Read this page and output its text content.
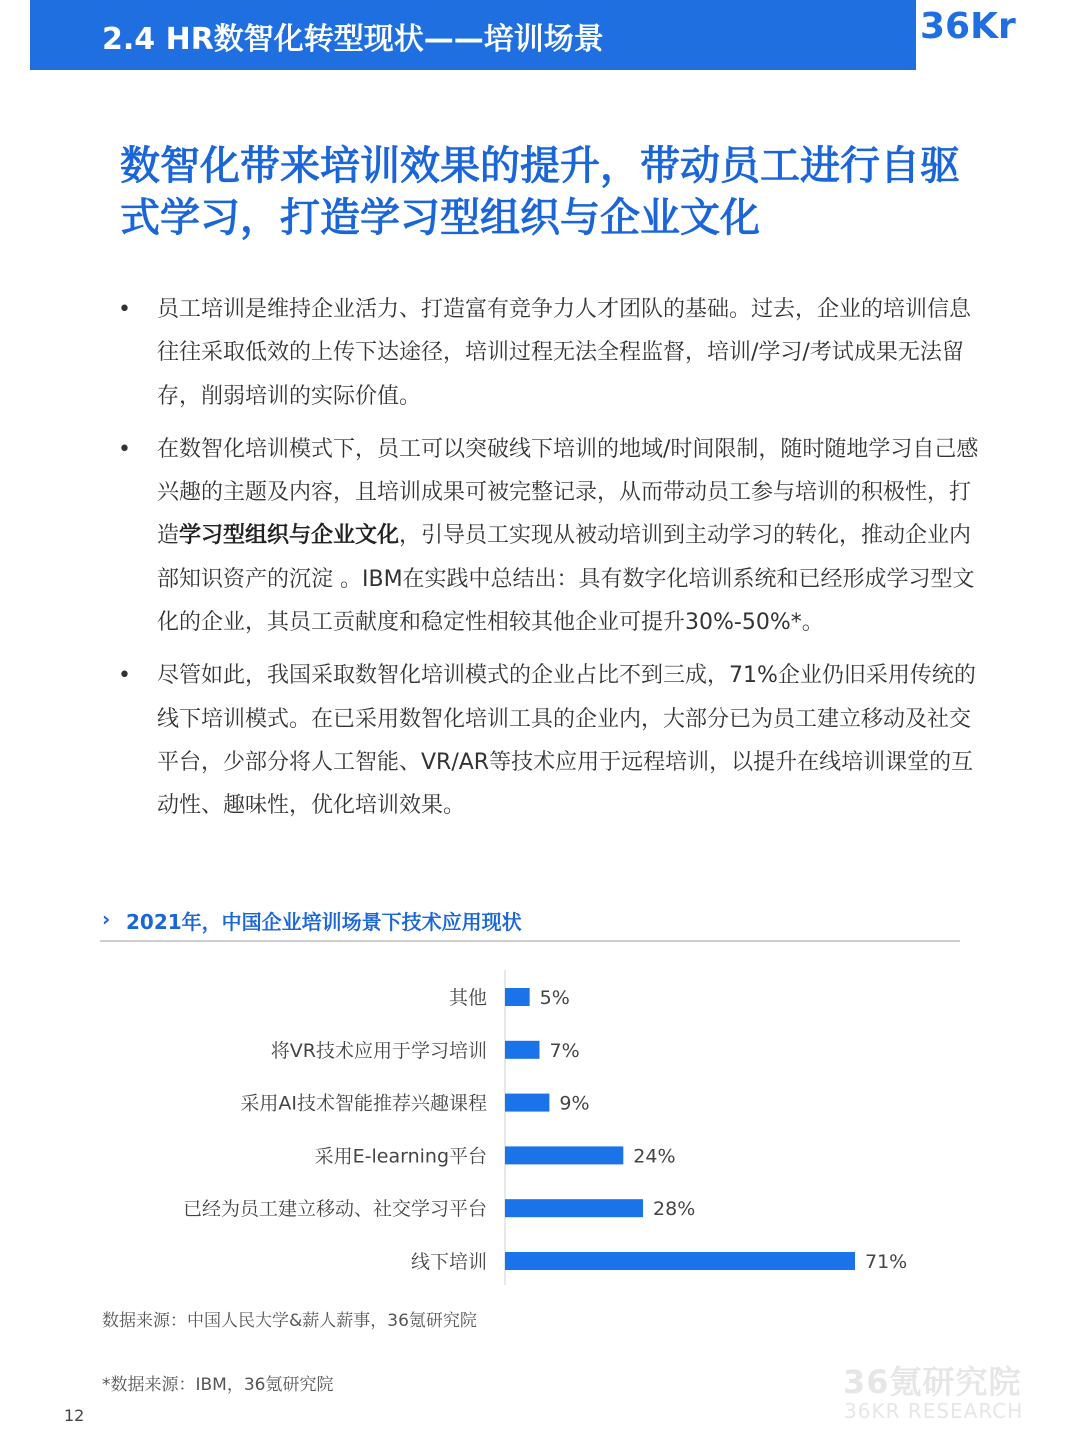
2.4 HR数智化转型现状——培训场景	36Kr
数智化带来培训效果的提升，带动员工进行自驱
式学习，打造学习型组织与企业文化
• 员工培训是维持企业活力、打造富有竞争力人才团队的基础。过去，企业的培训信息往往采取低效的上传下达途径，培训过程无法全程监督，培训/学习/考试成果无法留存，削弱培训的实际价值。
• 在数智化培训模式下，员工可以突破线下培训的地域/时间限制，随时随地学习自己感兴趣的主题及内容，且培训成果可被完整记录，从而带动员工参与培训的积极性，打造学习型组织与企业文化，引导员工实现从被动培训到主动学习的转化，推动企业内部知识资产的沉淀 。IBM在实践中总结出：具有数字化培训系统和已经形成学习型文化的企业，其员工贡献度和稳定性相较其他企业可提升30%-50%*。
• 尽管如此，我国采取数智化培训模式的企业占比不到三成，71%企业仍旧采用传统的线下培训模式。在已采用数智化培训工具的企业内，大部分已为员工建立移动及社交平台，少部分将人工智能、VR/AR等技术应用于远程培训，以提升在线培训课堂的互动性、趣味性，优化培训效果。
› 2021年，中国企业培训场景下技术应用现状
其他	5%
将VR技术应用于学习培训	7%
采用AI技术智能推荐兴趣课程	9%
采用E-learning平台	24%
已经为员工建立移动、社交学习平台	28%
线下培训	71%
数据来源：中国人民大学&薪人薪事，36氪研究院
*数据来源：IBM，36氪研究院
12
36氪研究院
36KR RESEARCH
